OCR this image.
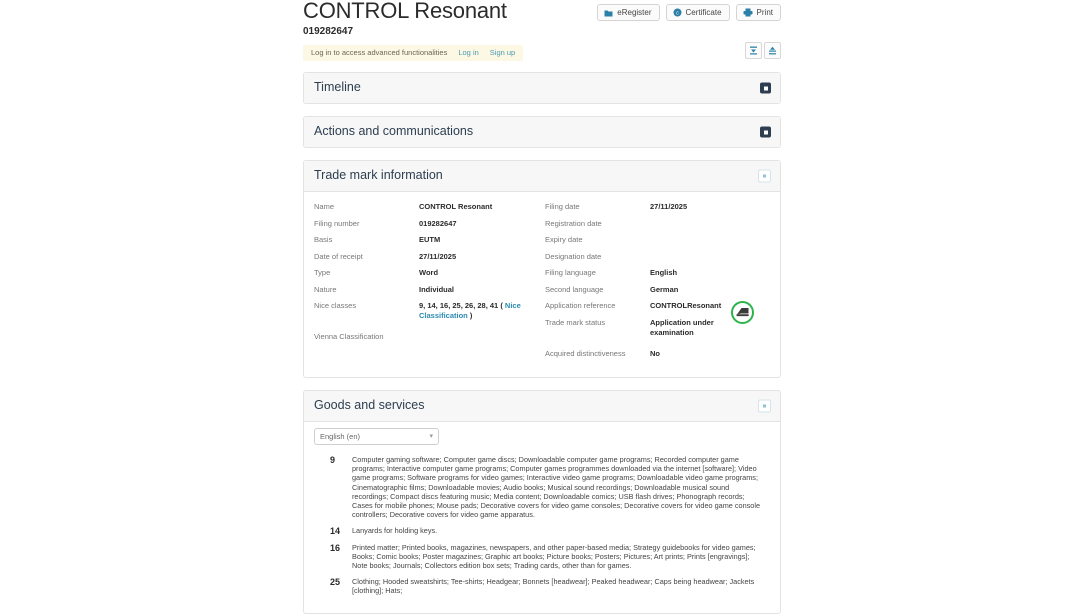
CONTROL Resonant
019282647
eRegister	c Certificate	Print
Log in to access advanced functionalities Log in Sign up
Timeline
Actions and communications
Trade mark information
Name	CONTROL Resonant
Filing number	019282647
Basis	EUTM
Date of receipt	27/11/2025
Type	Word
Nature	Individual
Nice classes	9, 14, 16, 25, 26, 28, 41 ( Nice Classification )
Vienna Classification
Filing date	27/11/2025
Registration date
Expiry date
Designation date
Filing language	English
Second language	German
Application reference	CONTROLResonant
Trade mark status	Application under examination
Acquired distinctiveness	No
Goods and services
English (en)	▾
9	Computer gaming software; Computer game discs; Downloadable computer game programs; Recorded computer game programs; Interactive computer game programs; Computer games programmes downloaded via the internet [software]; Video game programs; Software programs for video games; Interactive video game programs; Downloadable video game programs; Cinematographic films; Downloadable movies; Audio books; Musical sound recordings; Downloadable musical sound recordings; Compact discs featuring music; Media content; Downloadable comics; USB flash drives; Phonograph records; Cases for mobile phones; Mouse pads; Decorative covers for video game consoles; Decorative covers for video game console controllers; Decorative covers for video game apparatus.
14	Lanyards for holding keys.
16	Printed matter; Printed books, magazines, newspapers, and other paper-based media; Strategy guidebooks for video games; Books; Comic books; Poster magazines; Graphic art books; Picture books; Posters; Pictures; Art prints; Prints [engravings]; Note books; Journals; Collectors edition box sets; Trading cards, other than for games.
25	Clothing; Hooded sweatshirts; Tee-shirts; Headgear; Bonnets [headwear]; Peaked headwear; Caps being headwear; Jackets [clothing]; Hats;
